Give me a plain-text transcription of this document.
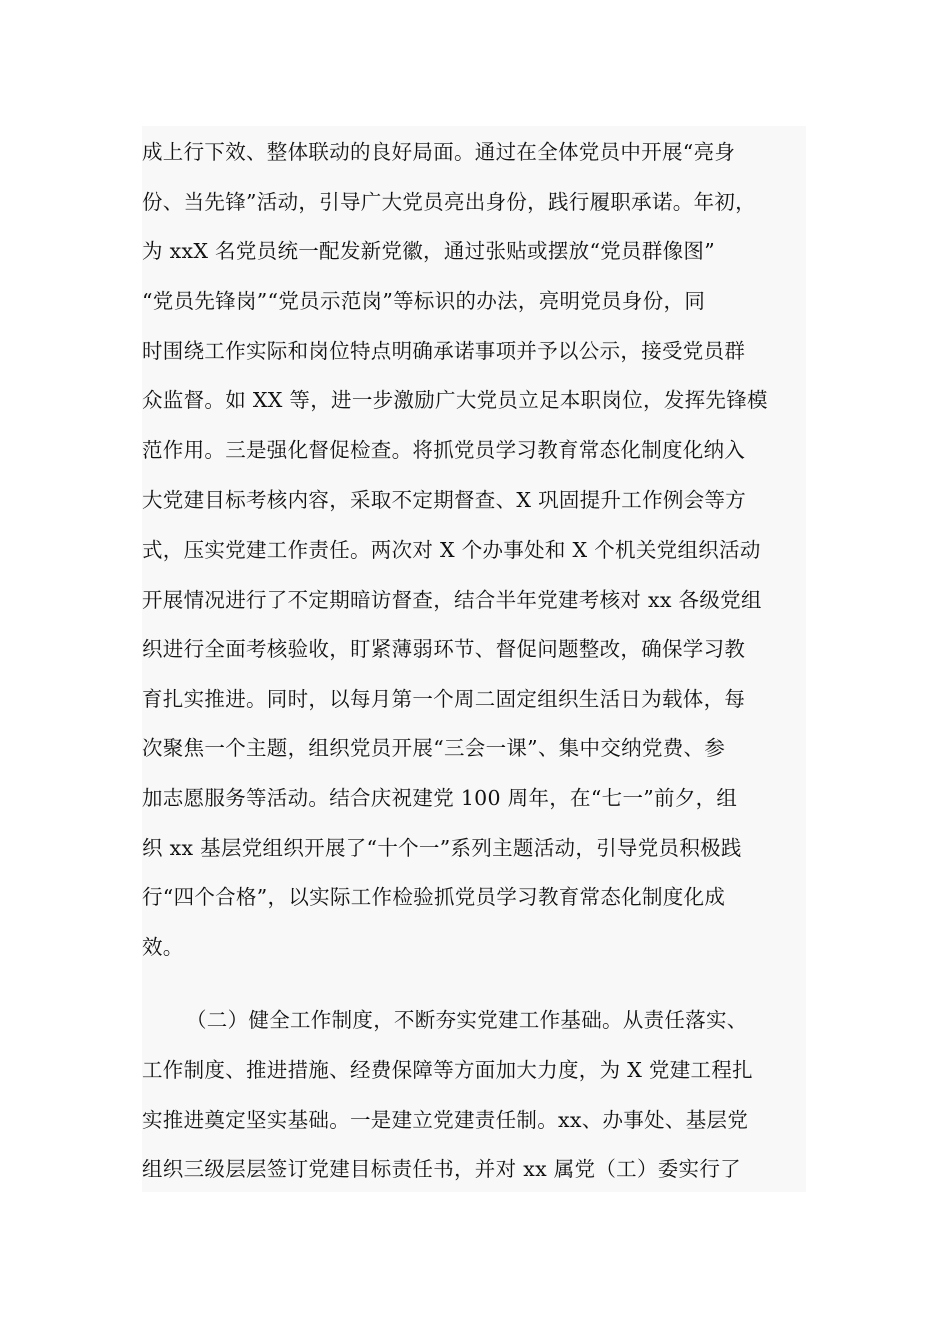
成上行下效、整体联动的良好局面。通过在全体党员中开展“亮身
份、当先锋”活动，引导广大党员亮出身份，践行履职承诺。年初，
为 xxX 名党员统一配发新党徽，通过张贴或摆放“党员群像图”
“党员先锋岗”“党员示范岗”等标识的办法，亮明党员身份，同
时围绕工作实际和岗位特点明确承诺事项并予以公示，接受党员群
众监督。如 XX 等，进一步激励广大党员立足本职岗位，发挥先锋模
范作用。三是强化督促检查。将抓党员学习教育常态化制度化纳入
大党建目标考核内容，采取不定期督查、X 巩固提升工作例会等方
式，压实党建工作责任。两次对 X 个办事处和 X 个机关党组织活动
开展情况进行了不定期暗访督查，结合半年党建考核对 xx 各级党组
织进行全面考核验收，盯紧薄弱环节、督促问题整改，确保学习教
育扎实推进。同时，以每月第一个周二固定组织生活日为载体，每
次聚焦一个主题，组织党员开展“三会一课”、集中交纳党费、参
加志愿服务等活动。结合庆祝建党 100 周年，在“七一”前夕，组
织 xx 基层党组织开展了“十个一”系列主题活动，引导党员积极践
行“四个合格”，以实际工作检验抓党员学习教育常态化制度化成
效。
（二）健全工作制度，不断夯实党建工作基础。从责任落实、
工作制度、推进措施、经费保障等方面加大力度，为 X 党建工程扎
实推进奠定坚实基础。一是建立党建责任制。xx、办事处、基层党
组织三级层层签订党建目标责任书，并对 xx 属党（工）委实行了
